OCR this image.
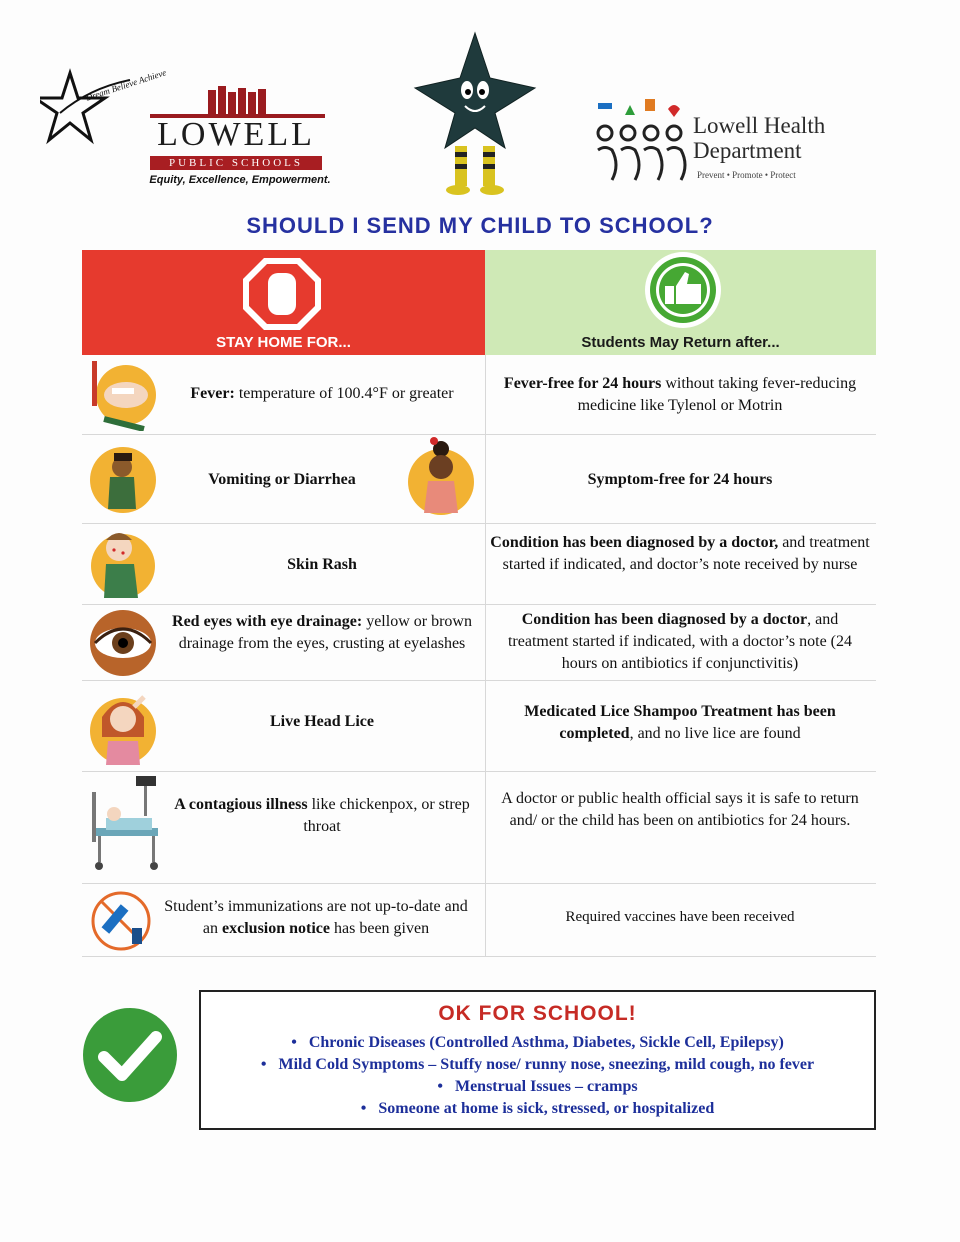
Dream Believe Achieve
LOWELL
PUBLIC SCHOOLS
Equity, Excellence, Empowerment.
Lowell Health
Department
Prevent • Promote • Protect
SHOULD I SEND MY CHILD TO SCHOOL?
STAY HOME FOR...	Students May Return after...
Fever: temperature of 100.4°F or greater
Fever-free for 24 hours without taking fever-reducing medicine like Tylenol or Motrin
Vomiting or Diarrhea	Symptom-free for 24 hours
Skin Rash
Condition has been diagnosed by a doctor, and treatment started if indicated, and doctor’s note received by nurse
Red eyes with eye drainage: yellow or brown drainage from the eyes, crusting at eyelashes
Condition has been diagnosed by a doctor, and treatment started if indicated, with a doctor’s note (24 hours on antibiotics if conjunctivitis)
Live Head Lice
Medicated Lice Shampoo Treatment has been completed, and no live lice are found
A contagious illness like chickenpox, or strep throat
A doctor or public health official says it is safe to return and/ or the child has been on antibiotics for 24 hours.
Student’s immunizations are not up-to-date and an exclusion notice has been given
Required vaccines have been received
OK FOR SCHOOL!
•   Chronic Diseases (Controlled Asthma, Diabetes, Sickle Cell, Epilepsy)
•   Mild Cold Symptoms – Stuffy nose/ runny nose, sneezing, mild cough, no fever
•   Menstrual Issues – cramps
•   Someone at home is sick, stressed, or hospitalized
